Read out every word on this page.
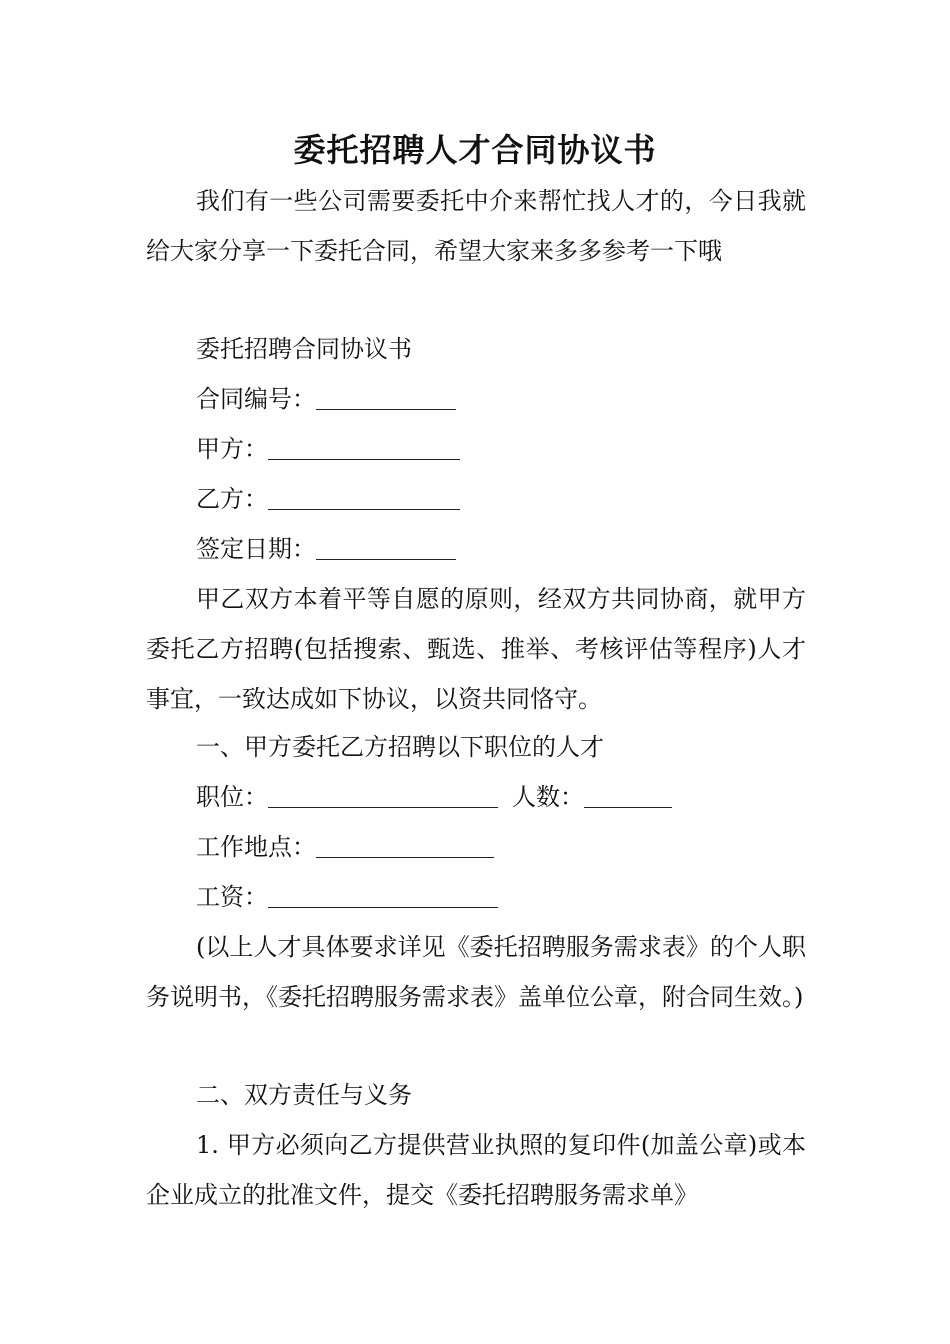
委托招聘人才合同协议书

我们有一些公司需要委托中介来帮忙找人才的，今日我就给大家分享一下委托合同，希望大家来多多参考一下哦

委托招聘合同协议书

合同编号：

甲方：

乙方：

签定日期：

甲乙双方本着平等自愿的原则，经双方共同协商，就甲方委托乙方招聘(包括搜索、甄选、推举、考核评估等程序)人才事宜，一致达成如下协议，以资共同恪守。

一、甲方委托乙方招聘以下职位的人才

职位：	人数：

工作地点：

工资：

(以上人才具体要求详见《委托招聘服务需求表》的个人职务说明书，《委托招聘服务需求表》盖单位公章，附合同生效。)

二、双方责任与义务

1. 甲方必须向乙方提供营业执照的复印件(加盖公章)或本企业成立的批准文件，提交《委托招聘服务需求单》
